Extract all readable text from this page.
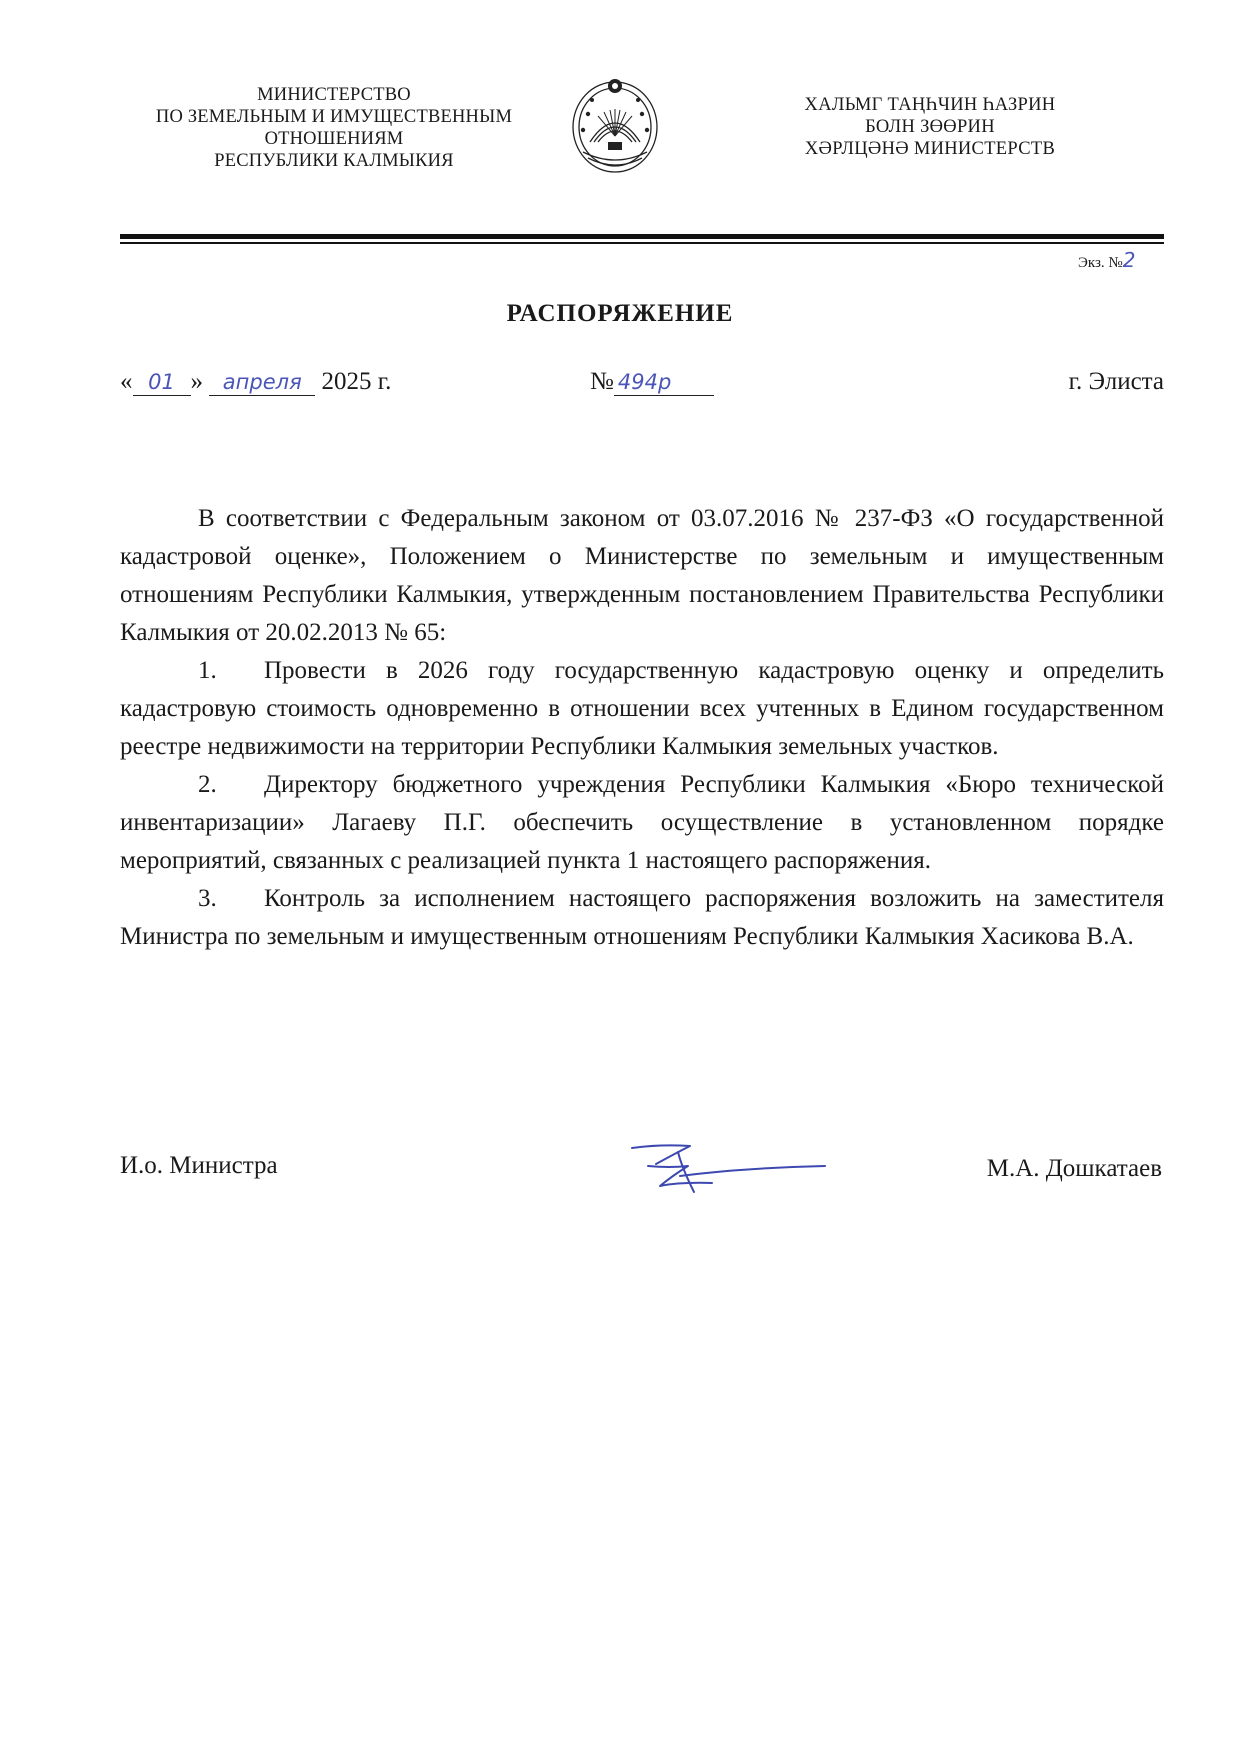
МИНИСТЕРСТВО
ПО ЗЕМЕЛЬНЫМ И ИМУЩЕСТВЕННЫМ
ОТНОШЕНИЯМ
РЕСПУБЛИКИ КАЛМЫКИЯ
ХАЛЬМГ ТАҢҺЧИН ҺАЗРИН
БОЛН ЗӨӨРИН
ХӘРЛЦӘНӘ МИНИСТЕРСТВ
Экз. №2
РАСПОРЯЖЕНИЕ
« 01 » апреля 2025 г.	№ 494р	г. Элиста

В соответствии с Федеральным законом от 03.07.2016 № 237-ФЗ «О государственной кадастровой оценке», Положением о Министерстве по земельным и имущественным отношениям Республики Калмыкия, утвержденным постановлением Правительства Республики Калмыкия от 20.02.2013 № 65:

1. Провести в 2026 году государственную кадастровую оценку и определить кадастровую стоимость одновременно в отношении всех учтенных в Едином государственном реестре недвижимости на территории Республики Калмыкия земельных участков.

2. Директору бюджетного учреждения Республики Калмыкия «Бюро технической инвентаризации» Лагаеву П.Г. обеспечить осуществление в установленном порядке мероприятий, связанных с реализацией пункта 1 настоящего распоряжения.

3. Контроль за исполнением настоящего распоряжения возложить на заместителя Министра по земельным и имущественным отношениям Республики Калмыкия Хасикова В.А.

И.о. Министра	М.А. Дошкатаев
